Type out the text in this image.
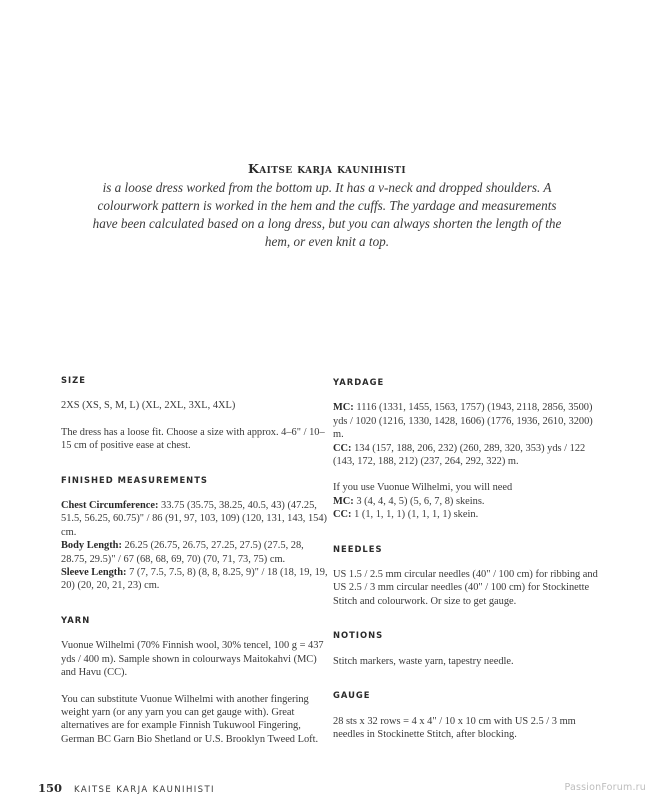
Kaitse karja kaunihisti
is a loose dress worked from the bottom up. It has a v-neck and dropped shoulders. A colourwork pattern is worked in the hem and the cuffs. The yardage and measurements have been calculated based on a long dress, but you can always shorten the length of the hem, or even knit a top.
SIZE
2XS (XS, S, M, L) (XL, 2XL, 3XL, 4XL)
The dress has a loose fit. Choose a size with approx. 4–6" / 10–15 cm of positive ease at chest.
FINISHED MEASUREMENTS
Chest Circumference: 33.75 (35.75, 38.25, 40.5, 43) (47.25, 51.5, 56.25, 60.75)" / 86 (91, 97, 103, 109) (120, 131, 143, 154) cm.
Body Length: 26.25 (26.75, 26.75, 27.25, 27.5) (27.5, 28, 28.75, 29.5)" / 67 (68, 68, 69, 70) (70, 71, 73, 75) cm.
Sleeve Length: 7 (7, 7.5, 7.5, 8) (8, 8, 8.25, 9)" / 18 (18, 19, 19, 20) (20, 20, 21, 23) cm.
YARN
Vuonue Wilhelmi (70% Finnish wool, 30% tencel, 100 g = 437 yds / 400 m). Sample shown in colourways Maitokahvi (MC) and Havu (CC).
You can substitute Vuonue Wilhelmi with another fingering weight yarn (or any yarn you can get gauge with). Great alternatives are for example Finnish Tukuwool Fingering, German BC Garn Bio Shetland or U.S. Brooklyn Tweed Loft.
YARDAGE
MC: 1116 (1331, 1455, 1563, 1757) (1943, 2118, 2856, 3500) yds / 1020 (1216, 1330, 1428, 1606) (1776, 1936, 2610, 3200) m.
CC: 134 (157, 188, 206, 232) (260, 289, 320, 353) yds / 122 (143, 172, 188, 212) (237, 264, 292, 322) m.
If you use Vuonue Wilhelmi, you will need
MC: 3 (4, 4, 4, 5) (5, 6, 7, 8) skeins.
CC: 1 (1, 1, 1, 1) (1, 1, 1, 1) skein.
NEEDLES
US 1.5 / 2.5 mm circular needles (40" / 100 cm) for ribbing and US 2.5 / 3 mm circular needles (40" / 100 cm) for Stockinette Stitch and colourwork. Or size to get gauge.
NOTIONS
Stitch markers, waste yarn, tapestry needle.
GAUGE
28 sts x 32 rows = 4 x 4" / 10 x 10 cm with US 2.5 / 3 mm needles in Stockinette Stitch, after blocking.
150 KAITSE KARJA KAUNIHISTI	PassionForum.ru
